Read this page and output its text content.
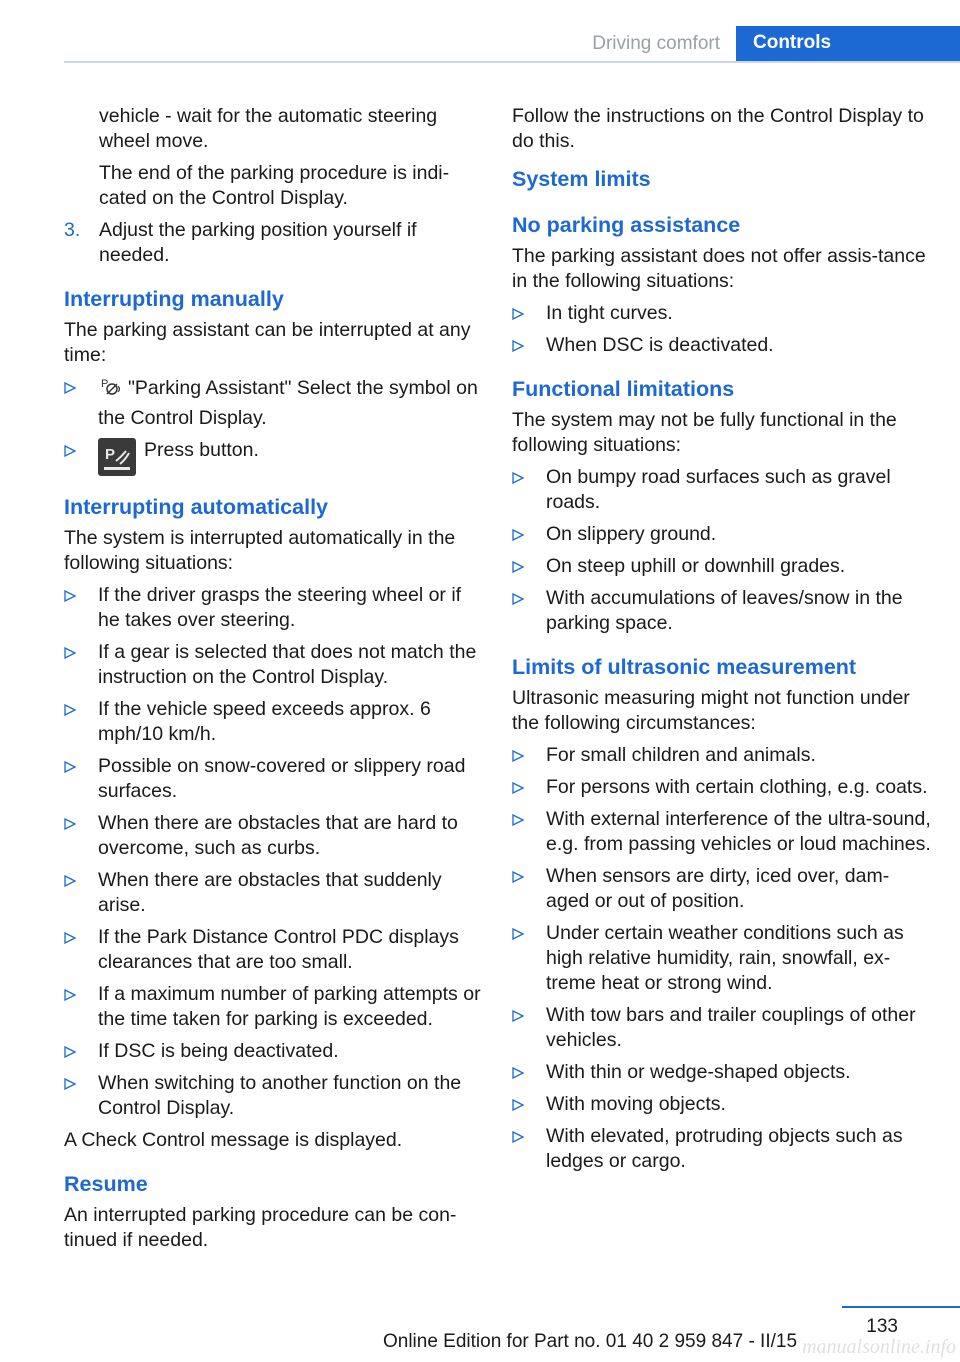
Driving comfort	Controls

vehicle - wait for the automatic steering wheel move.

The end of the parking procedure is indi-cated on the Control Display.

3. Adjust the parking position yourself if needed.
Interrupting manually

The parking assistant can be interrupted at any time:

P "Parking Assistant" Select the symbol on the Control Display.
P Press button.
Interrupting automatically

The system is interrupted automatically in the following situations:

If the driver grasps the steering wheel or if he takes over steering.
If a gear is selected that does not match the instruction on the Control Display.
If the vehicle speed exceeds approx. 6 mph/10 km/h.
Possible on snow-covered or slippery road surfaces.
When there are obstacles that are hard to overcome, such as curbs.
When there are obstacles that suddenly arise.
If the Park Distance Control PDC displays clearances that are too small.
If a maximum number of parking attempts or the time taken for parking is exceeded.
If DSC is being deactivated.
When switching to another function on the Control Display.

A Check Control message is displayed.

Resume

An interrupted parking procedure can be con-tinued if needed.

Follow the instructions on the Control Display to do this.

System limits
No parking assistance

The parking assistant does not offer assis-tance in the following situations:

In tight curves.
When DSC is deactivated.
Functional limitations

The system may not be fully functional in the following situations:

On bumpy road surfaces such as gravel roads.
On slippery ground.
On steep uphill or downhill grades.
With accumulations of leaves/snow in the parking space.
Limits of ultrasonic measurement

Ultrasonic measuring might not function under the following circumstances:

For small children and animals.
For persons with certain clothing, e.g. coats.
With external interference of the ultra-sound, e.g. from passing vehicles or loud machines.
When sensors are dirty, iced over, dam-aged or out of position.
Under certain weather conditions such as high relative humidity, rain, snowfall, ex-treme heat or strong wind.
With tow bars and trailer couplings of other vehicles.
With thin or wedge-shaped objects.
With moving objects.
With elevated, protruding objects such as ledges or cargo.
133
Online Edition for Part no. 01 40 2 959 847 - II/15 manualsonline.info
